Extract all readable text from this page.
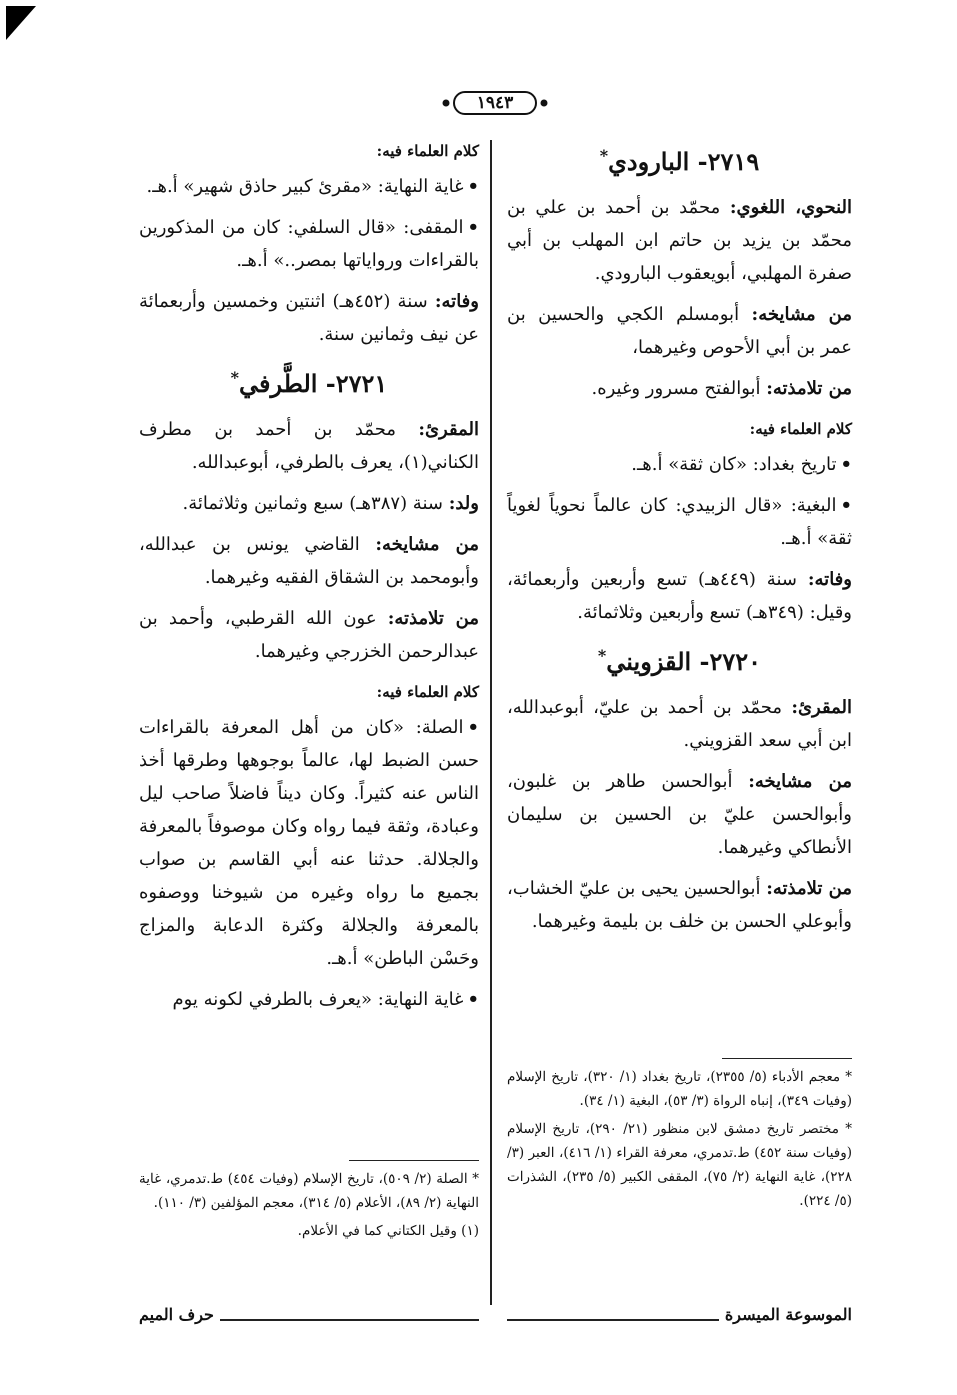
١٩٤٣
٢٧١٩- البارودي*

النحوي، اللغوي: محمّد بن أحمد بن علي بن محمّد بن يزيد بن حاتم ابن المهلب بن أبي صفرة المهلبي، أبويعقوب البارودي.

من مشايخه: أبومسلم الكجي والحسين بن عمر بن أبي الأحوص وغيرهما،

من تلامذته: أبوالفتح مسرور وغيره.

كلام العلماء فيه:

•تاريخ بغداد: «كان ثقة» أ.هـ.

•البغية: «قال الزبيدي: كان عالماً نحوياً لغوياً ثقة» أ.هـ.

وفاته: سنة (٤٤٩هـ) تسع وأربعين وأربعمائة، وقيل: (٣٤٩هـ) تسع وأربعين وثلاثمائة.

٢٧٢٠- القزويني*

المقرئ: محمّد بن أحمد بن عليّ، أبوعبدالله، ابن أبي سعد القزويني.

من مشايخه: أبوالحسن طاهر بن غلبون، وأبوالحسن عليّ بن الحسين بن سليمان الأنطاكي وغيرهما.

من تلامذته: أبوالحسين يحيى بن عليّ الخشاب، وأبوعلي الحسن بن خلف بن بليمة وغيرهما.

كلام العلماء فيه:

•غاية النهاية: «مقرئ كبير حاذق شهير» أ.هـ.

•المقفى: «قال السلفي: كان من المذكورين بالقراءات ورواياتها بمصر..» أ.هـ.

وفاته: سنة (٤٥٢هـ) اثنتين وخمسين وأربعمائة عن نيف وثمانين سنة.

٢٧٢١- الطَّرفي*

المقرئ: محمّد بن أحمد بن مطرف الكناني(١)، يعرف بالطرفي، أبوعبدالله.

ولد: سنة (٣٨٧هـ) سبع وثمانين وثلاثمائة.

من مشايخه: القاضي يونس بن عبدالله، وأبومحمد بن الشقاق الفقيه وغيرهما.

من تلامذته: عون الله القرطبي، وأحمد بن عبدالرحمن الخزرجي وغيرهما.

كلام العلماء فيه:

•الصلة: «كان من أهل المعرفة بالقراءات حسن الضبط لها، عالماً بوجوهها وطرقها أخذ الناس عنه كثيراً. وكان ديناً فاضلاً صاحب ليل وعبادة، وثقة فيما رواه وكان موصوفاً بالمعرفة والجلالة. حدثنا عنه أبي القاسم بن صواب بجميع ما رواه وغيره من شيوخنا ووصفوه بالمعرفة والجلالة وكثرة الدعابة والمزاج وحَسْن الباطن» أ.هـ.

•غاية النهاية: «يعرف بالطرفي لكونه يوم

* معجم الأدباء (٥/ ٢٣٥٥)، تاريخ بغداد (١/ ٣٢٠)، تاريخ الإسلام (وفيات ٣٤٩)، إنباه الرواة (٣/ ٥٣)، البغية (١/ ٣٤).

* مختصر تاريخ دمشق لابن منظور (٢١/ ٢٩٠)، تاريخ الإسلام (وفيات سنة ٤٥٢) ط.تدمري، معرفة القراء (١/ ٤١٦)، العبر (٣/ ٢٢٨)، غاية النهاية (٢/ ٧٥)، المقفى الكبير (٥/ ٢٣٥)، الشذرات (٥/ ٢٢٤).

* الصلة (٢/ ٥٠٩)، تاريخ الإسلام (وفيات ٤٥٤) ط.تدمري، غاية النهاية (٢/ ٨٩)، الأعلام (٥/ ٣١٤)، معجم المؤلفين (٣/ ١١٠).

(١) وقيل الكتاني كما في الأعلام.

الموسوعة الميسرة
حرف الميم
